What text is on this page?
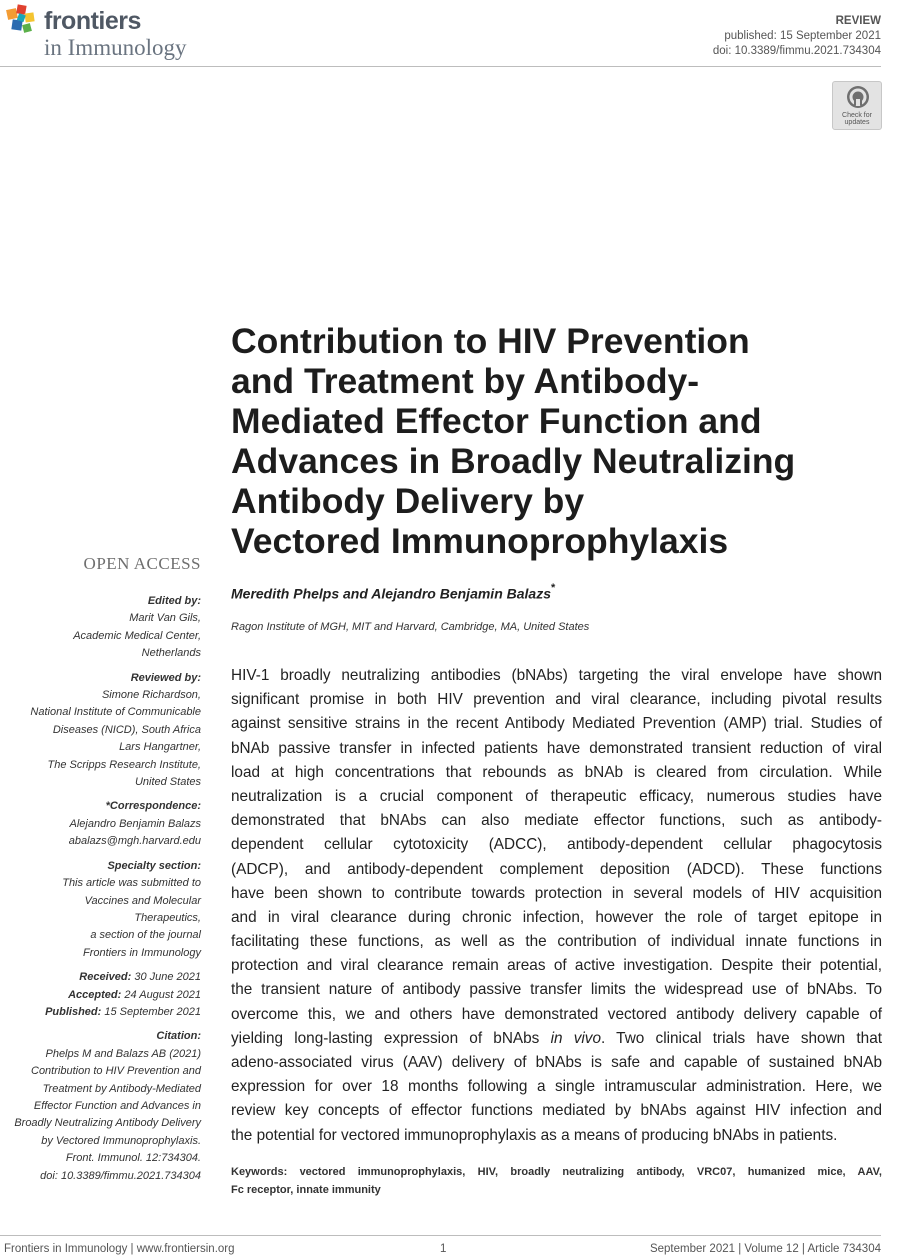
frontiers
in Immunology
REVIEW
published: 15 September 2021
doi: 10.3389/fimmu.2021.734304
Check for
updates
Contribution to HIV Prevention
and Treatment by Antibody-
Mediated Effector Function and
Advances in Broadly Neutralizing
Antibody Delivery by
Vectored Immunoprophylaxis
Meredith Phelps and Alejandro Benjamin Balazs*
Ragon Institute of MGH, MIT and Harvard, Cambridge, MA, United States
HIV-1 broadly neutralizing antibodies (bNAbs) targeting the viral envelope have shown
significant promise in both HIV prevention and viral clearance, including pivotal results
against sensitive strains in the recent Antibody Mediated Prevention (AMP) trial. Studies of
bNAb passive transfer in infected patients have demonstrated transient reduction of viral
load at high concentrations that rebounds as bNAb is cleared from circulation. While
neutralization is a crucial component of therapeutic efficacy, numerous studies have
demonstrated that bNAbs can also mediate effector functions, such as antibody-
dependent cellular cytotoxicity (ADCC), antibody-dependent cellular phagocytosis
(ADCP), and antibody-dependent complement deposition (ADCD). These functions
have been shown to contribute towards protection in several models of HIV acquisition
and in viral clearance during chronic infection, however the role of target epitope in
facilitating these functions, as well as the contribution of individual innate functions in
protection and viral clearance remain areas of active investigation. Despite their potential,
the transient nature of antibody passive transfer limits the widespread use of bNAbs. To
overcome this, we and others have demonstrated vectored antibody delivery capable of
yielding long-lasting expression of bNAbs in vivo. Two clinical trials have shown that
adeno-associated virus (AAV) delivery of bNAbs is safe and capable of sustained bNAb
expression for over 18 months following a single intramuscular administration. Here, we
review key concepts of effector functions mediated by bNAbs against HIV infection and
the potential for vectored immunoprophylaxis as a means of producing bNAbs in patients.
Keywords: vectored immunoprophylaxis, HIV, broadly neutralizing antibody, VRC07, humanized mice, AAV,
Fc receptor, innate immunity
OPEN ACCESS
Edited by:
Marit Van Gils,
Academic Medical Center,
Netherlands
Reviewed by:
Simone Richardson,
National Institute of Communicable
Diseases (NICD), South Africa
Lars Hangartner,
The Scripps Research Institute,
United States
*Correspondence:
Alejandro Benjamin Balazs
abalazs@mgh.harvard.edu
Specialty section:
This article was submitted to
Vaccines and Molecular
Therapeutics,
a section of the journal
Frontiers in Immunology
Received: 30 June 2021
Accepted: 24 August 2021
Published: 15 September 2021
Citation:
Phelps M and Balazs AB (2021)
Contribution to HIV Prevention and
Treatment by Antibody-Mediated
Effector Function and Advances in
Broadly Neutralizing Antibody Delivery
by Vectored Immunoprophylaxis.
Front. Immunol. 12:734304.
doi: 10.3389/fimmu.2021.734304
Frontiers in Immunology | www.frontiersin.org	1	September 2021 | Volume 12 | Article 734304
